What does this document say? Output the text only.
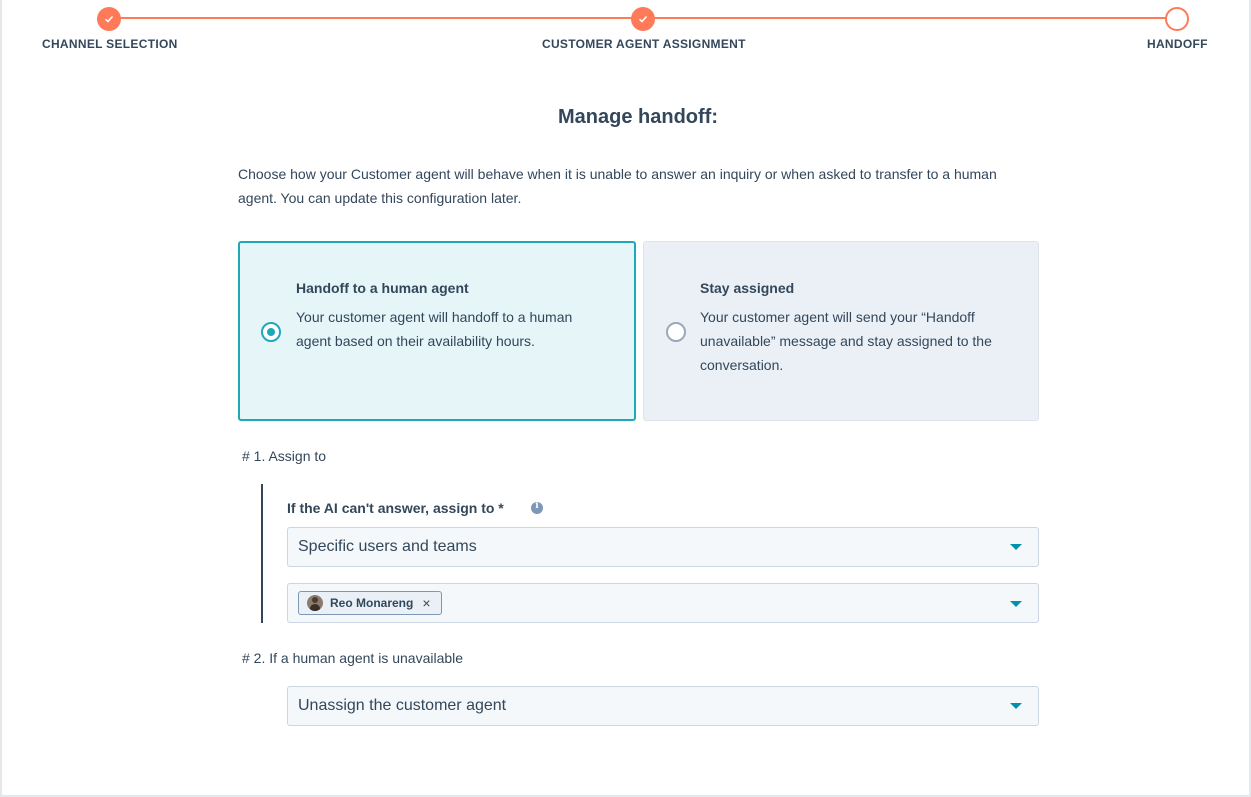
CHANNEL SELECTION	CUSTOMER AGENT ASSIGNMENT	HANDOFF
Manage handoff:

Choose how your Customer agent will behave when it is unable to answer an inquiry or when asked to transfer to a human agent. You can update this configuration later.

Handoff to a human agent
Your customer agent will handoff to a human agent based on their availability hours.
Stay assigned
Your customer agent will send your “Handoff unavailable” message and stay assigned to the conversation.
# 1. Assign to
If the AI can't answer, assign to *
i
Specific users and teams
Reo Monareng ×
# 2. If a human agent is unavailable
Unassign the customer agent
